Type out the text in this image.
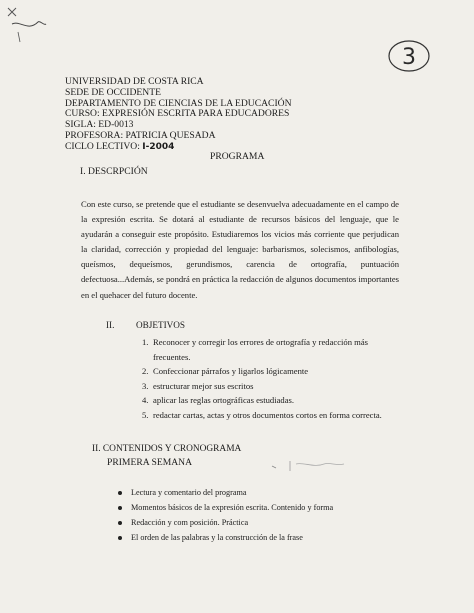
3
UNIVERSIDAD DE COSTA RICA
SEDE DE OCCIDENTE
DEPARTAMENTO DE CIENCIAS DE LA EDUCACIÓN
CURSO: EXPRESIÓN ESCRITA PARA EDUCADORES
SIGLA: ED-0013
PROFESORA: PATRICIA QUESADA
CICLO LECTIVO: I-2004
PROGRAMA
I. DESCRPCIÓN
Con este curso, se pretende que el estudiante se desenvuelva adecuadamente en el campo de la expresión escrita. Se dotará al estudiante de recursos básicos del lenguaje, que le ayudarán a conseguir este propósito. Estudiaremos los vicios más corriente que perjudican la claridad, corrección y propiedad del lenguaje: barbarismos, solecismos, anfibologías, queísmos, dequeísmos, gerundismos, carencia de ortografía, puntuación defectuosa...Además, se pondrá en práctica la redacción de algunos documentos importantes en el quehacer del futuro docente.
II. OBJETIVOS
1. Reconocer y corregir los errores de ortografía y redacción más frecuentes.
2. Confeccionar párrafos y ligarlos lógicamente
3. estructurar mejor sus escritos
4. aplicar las reglas ortográficas estudiadas.
5. redactar cartas, actas y otros documentos cortos en forma correcta.
II. CONTENIDOS Y CRONOGRAMA
PRIMERA SEMANA
Lectura y comentario del programa
Momentos básicos de la expresión escrita. Contenido y forma
Redacción y com posición. Práctica
El orden de las palabras y la construcción de la frase
